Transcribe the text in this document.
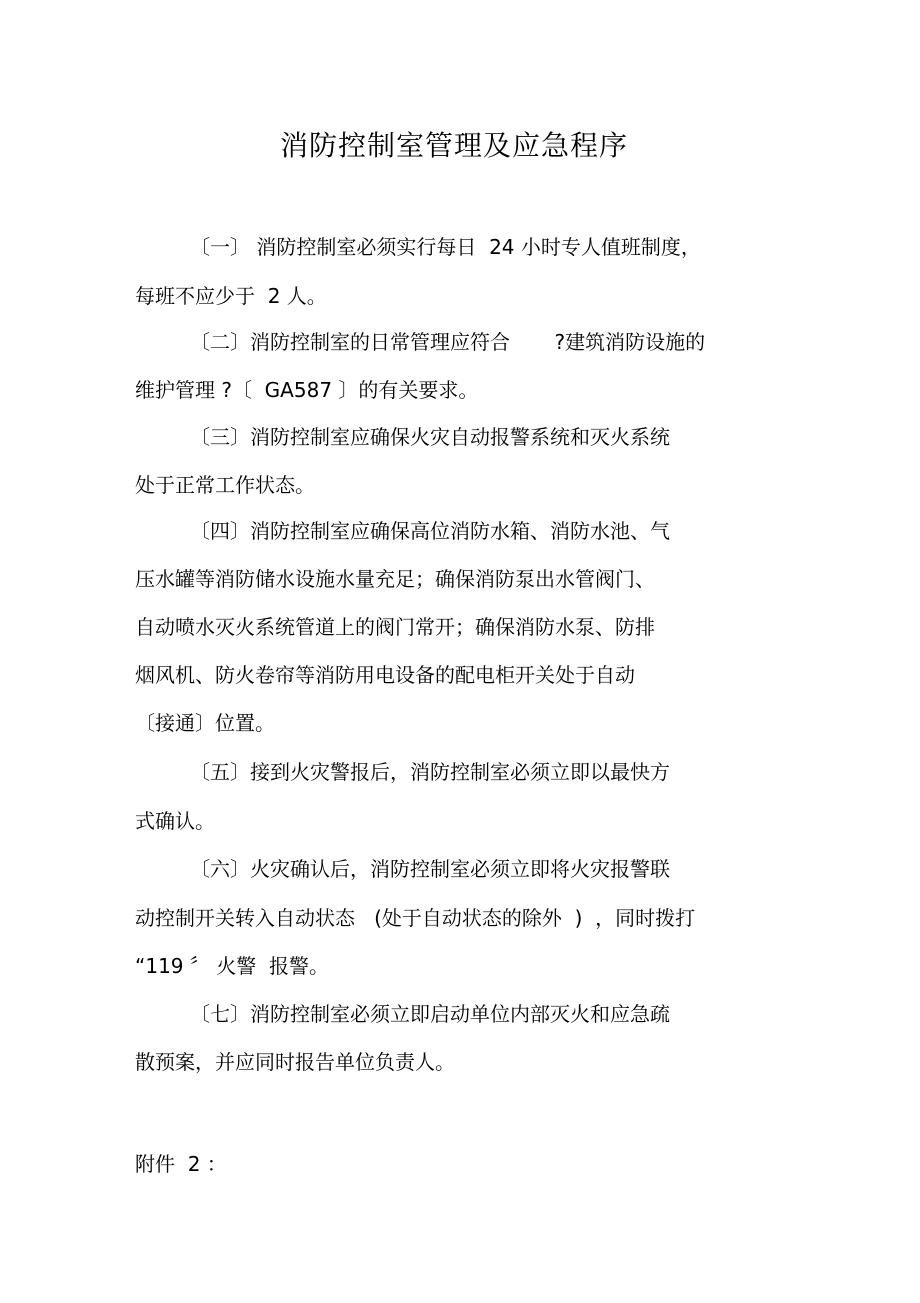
消防控制室管理及应急程序
〔一〕 消防控制室必须实行每日  24 小时专人值班制度，
每班不应少于  2 人。
〔二〕消防控制室的日常管理应符合       ?建筑消防设施的
维护管理 ?〔  GA587 〕的有关要求。
〔三〕消防控制室应确保火灾自动报警系统和灭火系统
处于正常工作状态。
〔四〕消防控制室应确保高位消防水箱、消防水池、气
压水罐等消防储水设施水量充足；确保消防泵出水管阀门、
自动喷水灭火系统管道上的阀门常开；确保消防水泵、防排
烟风机、防火卷帘等消防用电设备的配电柜开关处于自动
〔接通〕位置。
〔五〕接到火灾警报后，消防控制室必须立即以最快方
式确认。
〔六〕火灾确认后，消防控制室必须立即将火灾报警联
动控制开关转入自动状态   (处于自动状态的除外  )  ，同时拨打
“119 〞 火警  报警。
〔七〕消防控制室必须立即启动单位内部灭火和应急疏
散预案，并应同时报告单位负责人。
附件  2 ：
